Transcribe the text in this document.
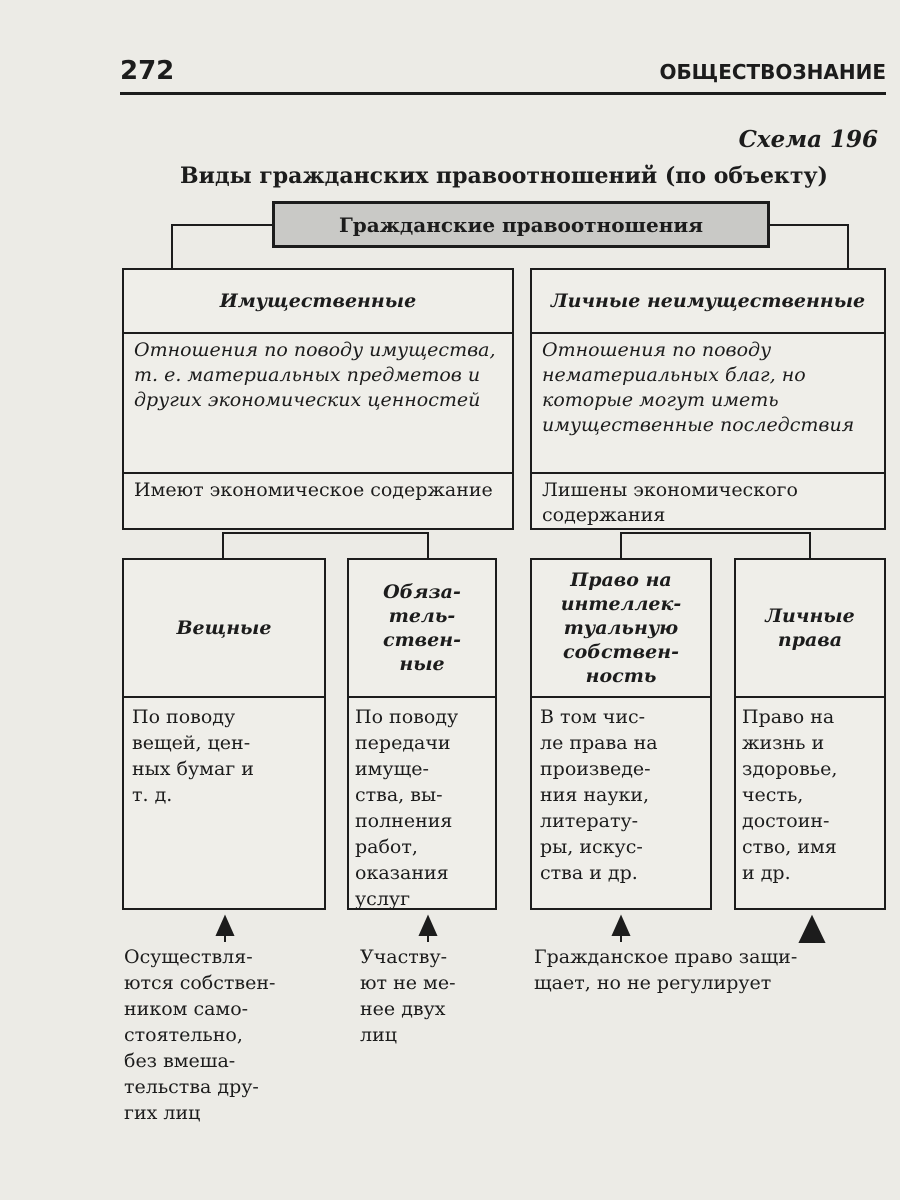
272	ОБЩЕСТВОЗНАНИЕ
Схема 196
Виды гражданских правоотношений (по объекту)
Гражданские правоотношения
Имущественные
Отношения по поводу имущества, т. е. материальных предметов и других экономических ценностей
Имеют экономическое содержание
Личные неимущественные
Отношения по поводу нематериальных благ, но которые могут иметь имущественные последствия
Лишены экономического содержания
Вещные
По поводу
вещей, цен-
ных бумаг и
т. д.
Обяза-
тель-
ствен-
ные
По поводу
передачи
имуще-
ства, вы-
полнения
работ,
оказания
услуг
Право на
интеллек-
туальную
собствен-
ность
В том чис-
ле права на
произведе-
ния науки,
литерату-
ры, искус-
ства и др.
Личные
права
Право на
жизнь и
здоровье,
честь,
достоин-
ство, имя
и др.
Осуществля-
ются собствен-
ником само-
стоятельно,
без вмеша-
тельства дру-
гих лиц
Участву-
ют не ме-
нее двух
лиц
Гражданское право защи-
щает, но не регулирует
